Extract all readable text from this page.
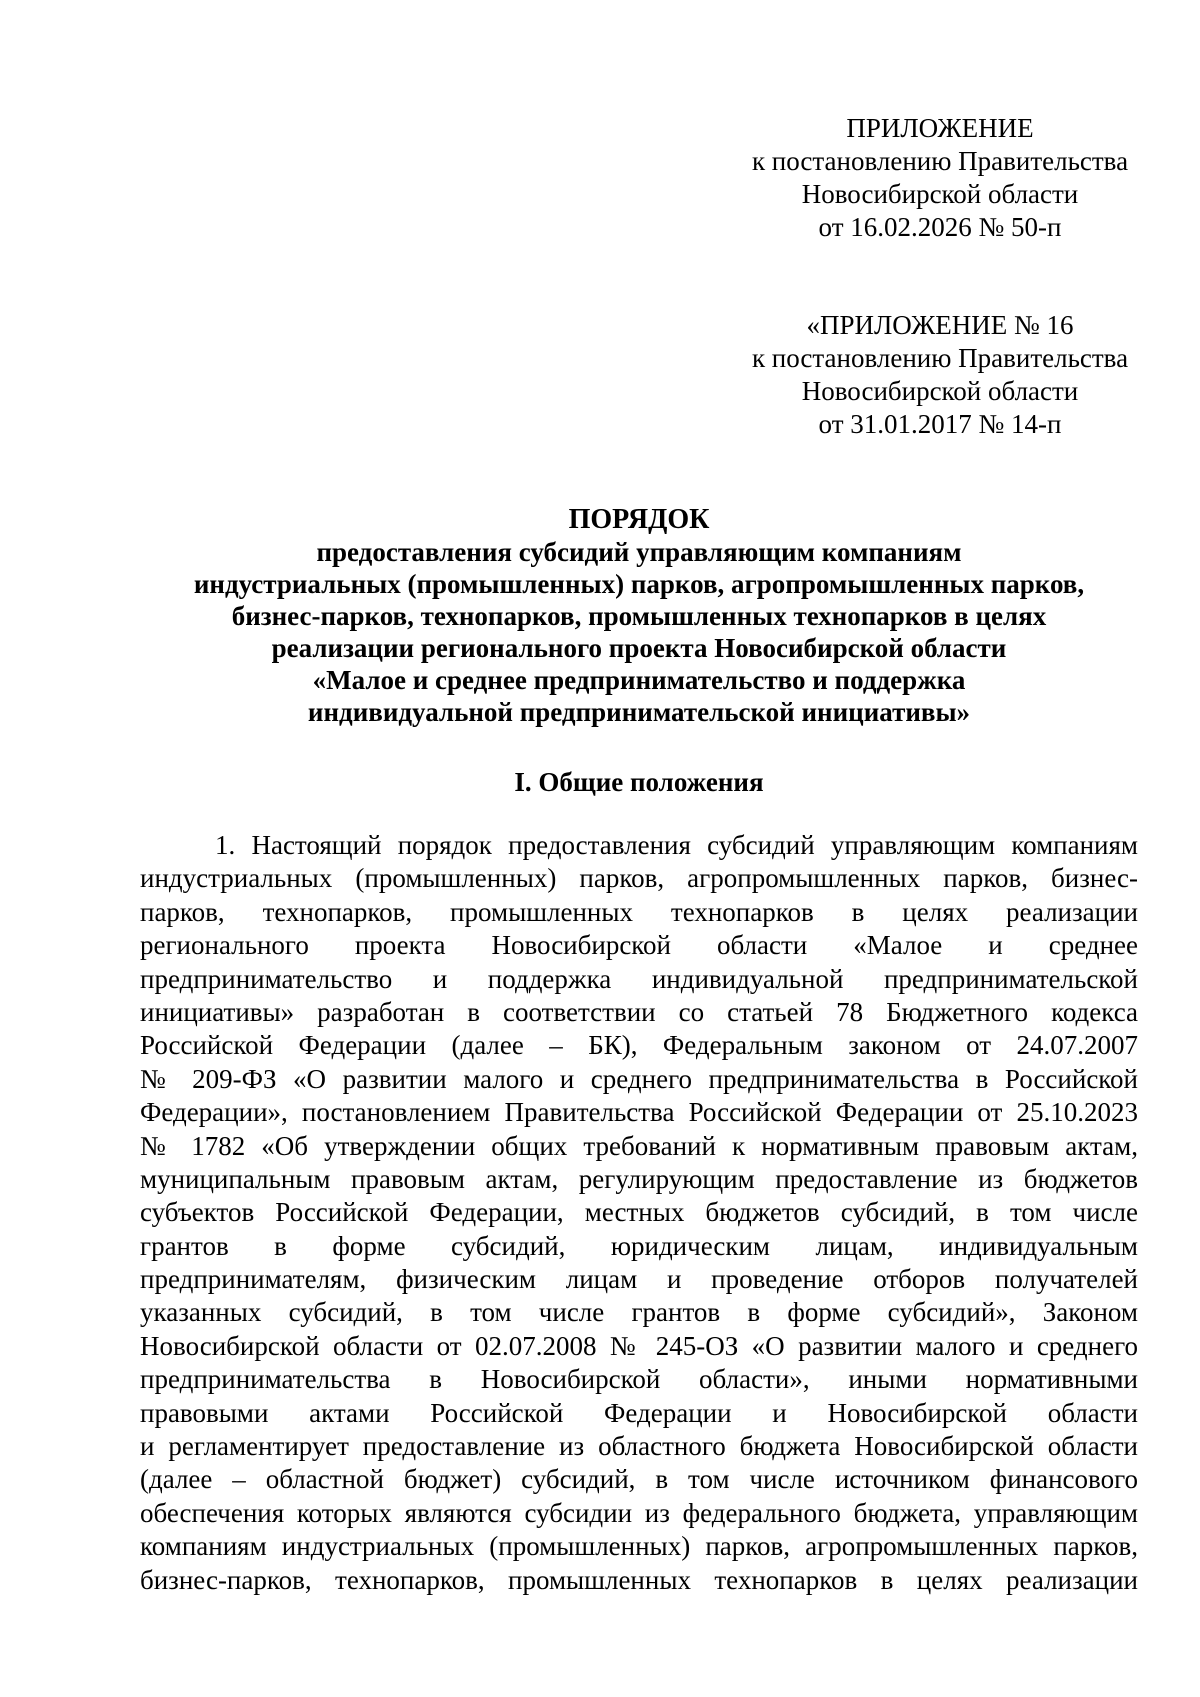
ПРИЛОЖЕНИЕ
к постановлению Правительства
Новосибирской области
от 16.02.2026 № 50-п
«ПРИЛОЖЕНИЕ № 16
к постановлению Правительства
Новосибирской области
от 31.01.2017 № 14-п
ПОРЯДОК
предоставления субсидий управляющим компаниям
индустриальных (промышленных) парков, агропромышленных парков,
бизнес-парков, технопарков, промышленных технопарков в целях
реализации регионального проекта Новосибирской области
«Малое и среднее предпринимательство и поддержка
индивидуальной предпринимательской инициативы»
I. Общие положения
1. Настоящий порядок предоставления субсидий управляющим компаниям
индустриальных (промышленных) парков, агропромышленных парков, бизнес-
парков, технопарков, промышленных технопарков в целях реализации
регионального проекта Новосибирской области «Малое и среднее
предпринимательство и поддержка индивидуальной предпринимательской
инициативы» разработан в соответствии со статьей 78 Бюджетного кодекса
Российской Федерации (далее – БК), Федеральным законом от 24.07.2007
№ 209-ФЗ «О развитии малого и среднего предпринимательства в Российской
Федерации», постановлением Правительства Российской Федерации от 25.10.2023
№ 1782 «Об утверждении общих требований к нормативным правовым актам,
муниципальным правовым актам, регулирующим предоставление из бюджетов
субъектов Российской Федерации, местных бюджетов субсидий, в том числе
грантов в форме субсидий, юридическим лицам, индивидуальным
предпринимателям, физическим лицам и проведение отборов получателей
указанных субсидий, в том числе грантов в форме субсидий», Законом
Новосибирской области от 02.07.2008 № 245-ОЗ «О развитии малого и среднего
предпринимательства в Новосибирской области», иными нормативными
правовыми актами Российской Федерации и Новосибирской области
и регламентирует предоставление из областного бюджета Новосибирской области
(далее – областной бюджет) субсидий, в том числе источником финансового
обеспечения которых являются субсидии из федерального бюджета, управляющим
компаниям индустриальных (промышленных) парков, агропромышленных парков,
бизнес-парков, технопарков, промышленных технопарков в целях реализации
